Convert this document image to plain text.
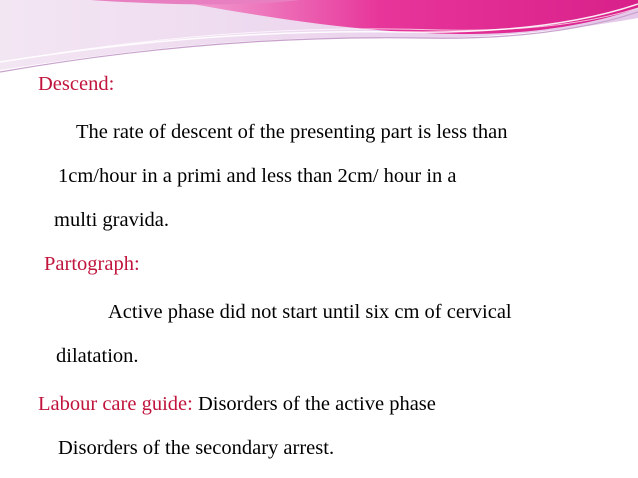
Descend:

The rate of descent of the presenting part is less than

1cm/hour in a primi and less than 2cm/ hour in a

multi gravida.

Partograph:

Active phase did not start until six cm of cervical

dilatation.

Labour care guide: Disorders of the active phase

Disorders of the secondary arrest.
